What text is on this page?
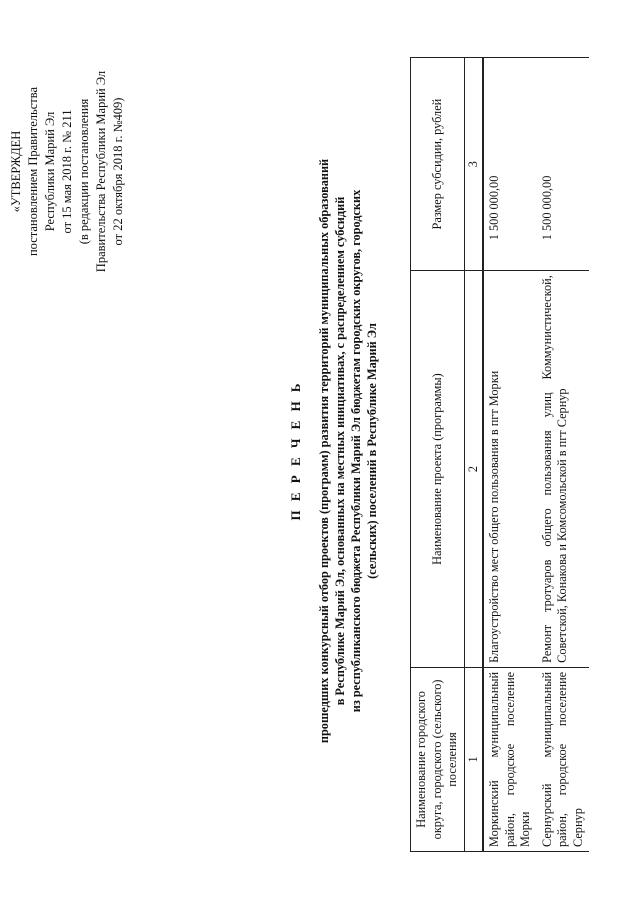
«УТВЕРЖДЕН постановлением Правительства Республики Марий Эл от 15 мая 2018 г. № 211 (в редакции постановления Правительства Республики Марий Эл от 22 октября 2018 г. №409)
П Е Р Е Ч Е Н Ь прошедших конкурсный отбор проектов (программ) развития территорий муниципальных образований в Республике Марий Эл, основанных на местных инициативах, с распределением субсидий из республиканского бюджета Республики Марий Эл бюджетам городских округов, городских (сельских) поселений в Республике Марий Эл
Наименование городского округа, городского (сельского) поселения	Наименование проекта (программы)	Размер субсидии, рублей
1	2	3
Моркинский муниципальный район, городское поселение Морки	Благоустройство мест общего пользования в пгт Морки	1 500 000,00
Сернурский муниципальный район, городское поселение Сернур	Ремонт тротуаров общего пользования улиц Коммунистической, Советской, Конакова и Комсомольской в пгт Сернур	1 500 000,00
